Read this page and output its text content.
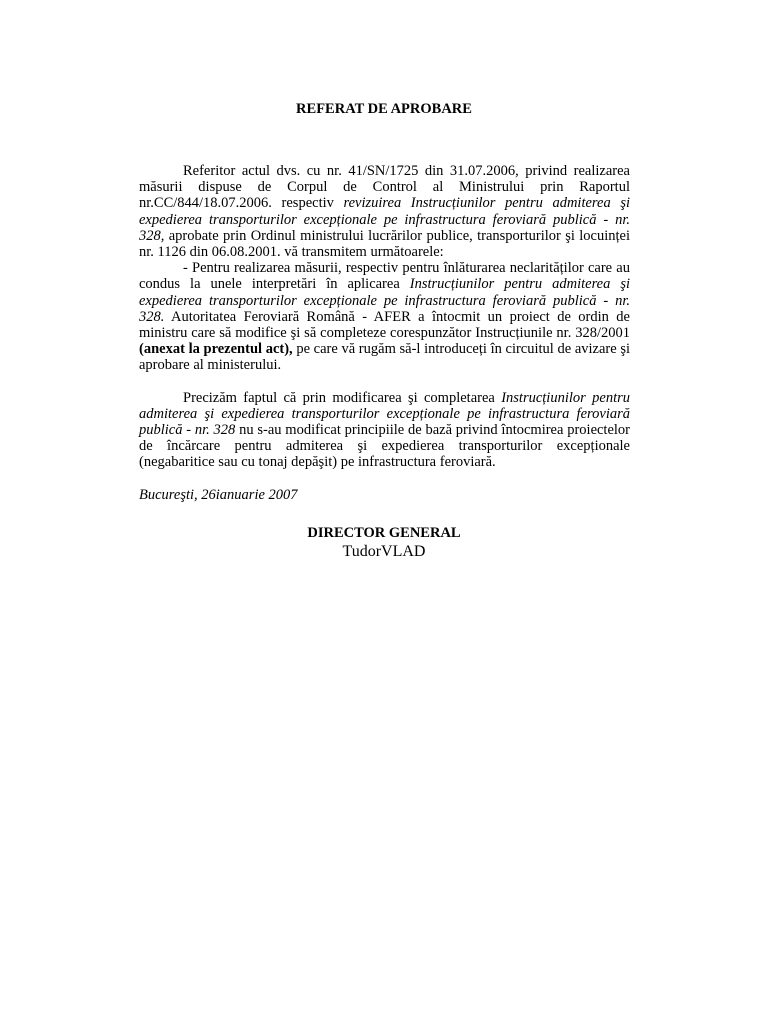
REFERAT DE APROBARE

Referitor actul dvs. cu nr. 41/SN/1725 din 31.07.2006, privind realizarea măsurii dispuse de Corpul de Control al Ministrului prin Raportul nr.CC/844/18.07.2006. respectiv revizuirea Instrucțiunilor pentru admiterea şi expedierea transporturilor excepționale pe infrastructura feroviară publică - nr. 328, aprobate prin Ordinul ministrului lucrărilor publice, transporturilor şi locuinței nr. 1126 din 06.08.2001. vă transmitem următoarele:

- Pentru realizarea măsurii, respectiv pentru înlăturarea neclarităților care au condus la unele interpretări în aplicarea Instrucțiunilor pentru admiterea şi expedierea transporturilor excepționale pe infrastructura feroviară publică - nr. 328. Autoritatea Feroviară Română - AFER a întocmit un proiect de ordin de ministru care să modifice şi să completeze corespunzător Instrucțiunile nr. 328/2001 (anexat la prezentul act), pe care vă rugăm să-l introduceți în circuitul de avizare şi aprobare al ministerului.

Precizăm faptul că prin modificarea şi completarea Instrucțiunilor pentru admiterea şi expedierea transporturilor excepționale pe infrastructura feroviară publică - nr. 328 nu s-au modificat principiile de bază privind întocmirea proiectelor de încărcare pentru admiterea şi expedierea transporturilor excepționale (negabaritice sau cu tonaj depăşit) pe infrastructura feroviară.

Bucureşti, 26ianuarie 2007

DIRECTOR GENERAL
TudorVLAD
